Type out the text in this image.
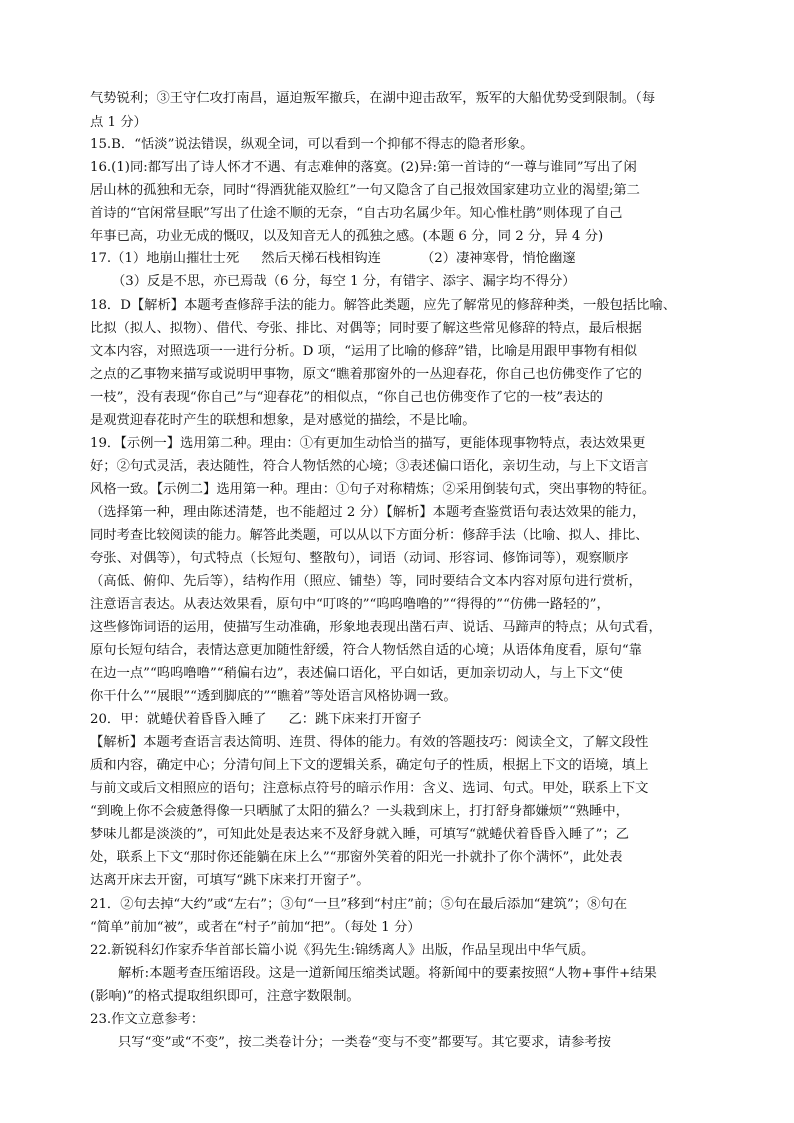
气势锐利；③王守仁攻打南昌，逼迫叛军撤兵，在湖中迎击敌军，叛军的大船优势受到限制。（每
点 1 分）
15.B．“恬淡”说法错误，纵观全词，可以看到一个抑郁不得志的隐者形象。
16.(1)同:都写出了诗人怀才不遇、有志难伸的落寞。(2)异:第一首诗的“一尊与谁同”写出了闲
居山林的孤独和无奈，同时“得酒犹能双脸红”一句又隐含了自己报效国家建功立业的渴望;第二
首诗的“官闲常昼眠”写出了仕途不顺的无奈，“自古功名属少年。知心惟杜鹃”则体现了自己
年事已高，功业无成的慨叹，以及知音无人的孤独之感。(本题 6 分，同 2 分，异 4 分)
17.（1）地崩山摧壮士死 然后天梯石栈相钩连	（2）凄神寒骨，悄怆幽邃
（3）反是不思，亦已焉哉（6 分，每空 1 分，有错字、添字、漏字均不得分）
18．D【解析】本题考查修辞手法的能力。解答此类题，应先了解常见的修辞种类，一般包括比喻、
比拟（拟人、拟物）、借代、夸张、排比、对偶等；同时要了解这些常见修辞的特点，最后根据
文本内容，对照选项一一进行分析。D 项，“运用了比喻的修辞”错，比喻是用跟甲事物有相似
之点的乙事物来描写或说明甲事物，原文“瞧着那窗外的一丛迎春花，你自己也仿佛变作了它的
一枝”，没有表现“你自己”与“迎春花”的相似点，“你自己也仿佛变作了它的一枝”表达的
是观赏迎春花时产生的联想和想象，是对感觉的描绘，不是比喻。
19．【示例一】选用第二种。理由：①有更加生动恰当的描写，更能体现事物特点，表达效果更
好；②句式灵活，表达随性，符合人物恬然的心境；③表述偏口语化，亲切生动，与上下文语言
风格一致。【示例二】选用第一种。理由：①句子对称精炼；②采用倒装句式，突出事物的特征。
（选择第一种，理由陈述清楚，也不能超过 2 分）【解析】本题考查鉴赏语句表达效果的能力，
同时考查比较阅读的能力。解答此类题，可以从以下方面分析：修辞手法（比喻、拟人、排比、
夸张、对偶等），句式特点（长短句、整散句），词语（动词、形容词、修饰词等），观察顺序
（高低、俯仰、先后等），结构作用（照应、铺垫）等，同时要结合文本内容对原句进行赏析，
注意语言表达。从表达效果看，原句中“叮咚的”“呜呜噜噜的”“得得的”“仿佛一路轻的”，
这些修饰词语的运用，使描写生动准确，形象地表现出凿石声、说话、马蹄声的特点；从句式看，
原句长短句结合，表情达意更加随性舒缓，符合人物恬然自适的心境；从语体角度看，原句“靠
在边一点”“呜呜噜噜”“稍偏右边”，表述偏口语化，平白如话，更加亲切动人，与上下文“使
你干什么”“展眼”“透到脚底的”“瞧着”等处语言风格协调一致。
20．甲：就蜷伏着昏昏入睡了 乙：跳下床来打开窗子
【解析】本题考查语言表达简明、连贯、得体的能力。有效的答题技巧：阅读全文，了解文段性
质和内容，确定中心；分清句间上下文的逻辑关系，确定句子的性质，根据上下文的语境，填上
与前文或后文相照应的语句；注意标点符号的暗示作用：含义、选词、句式。甲处，联系上下文
“到晚上你不会疲惫得像一只晒腻了太阳的猫么？一头栽到床上，打打舒身都嫌烦”“熟睡中，
梦味儿都是淡淡的”，可知此处是表达来不及舒身就入睡，可填写“就蜷伏着昏昏入睡了”；乙
处，联系上下文“那时你还能躺在床上么”“那窗外笑着的阳光一扑就扑了你个满怀”，此处表
达离开床去开窗，可填写“跳下床来打开窗子”。
21．②句去掉“大约”或“左右”；③句“一旦”移到“村庄”前；⑤句在最后添加“建筑”；⑧句在
“简单”前加“被”，或者在“村子”前加“把”。（每处 1 分）
22.新锐科幻作家乔华首部长篇小说《犸先生:锦绣离人》出版，作品呈现出中华气质。
解析:本题考查压缩语段。这是一道新闻压缩类试题。将新闻中的要素按照“人物+事件+结果
(影响)”的格式提取组织即可，注意字数限制。
23.作文立意参考：
只写“变”或“不变”，按二类卷计分；一类卷“变与不变”都要写。其它要求，请参考按
